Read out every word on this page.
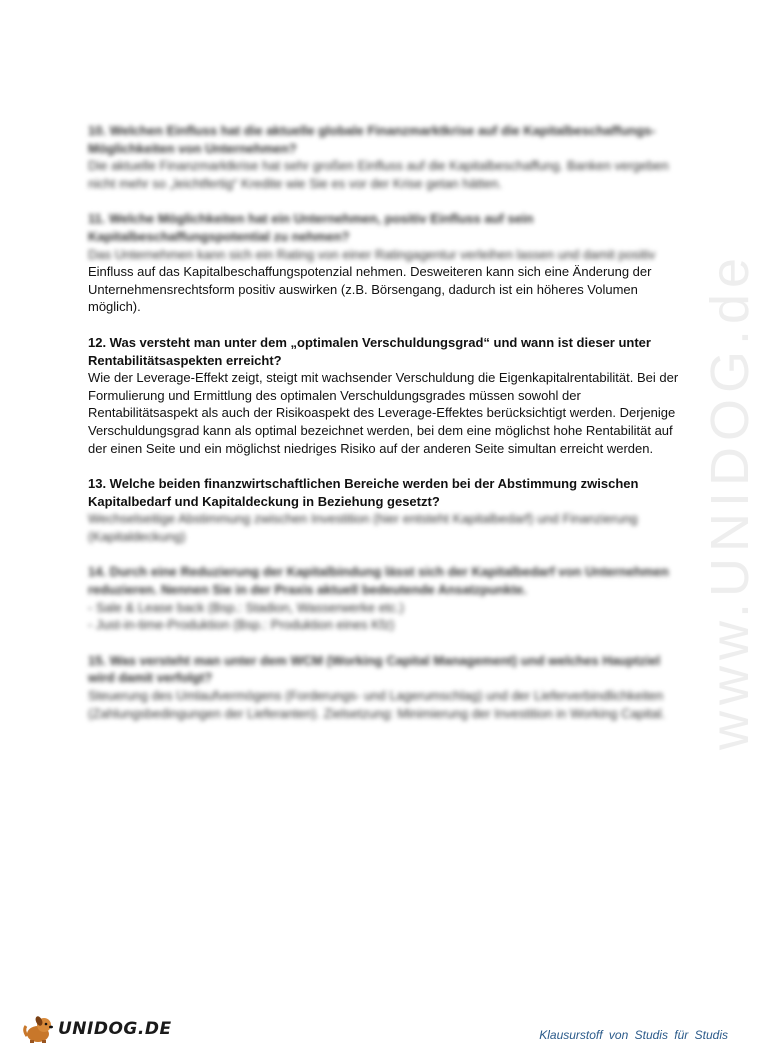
www.UNIDOG.de

10. Welchen Einfluss hat die aktuelle globale Finanzmarktkrise auf die Kapitalbeschaffungs-Möglichkeiten von Unternehmen?

Die aktuelle Finanzmarktkrise hat sehr großen Einfluss auf die Kapitalbeschaffung. Banken vergeben nicht mehr so „leichtfertig“ Kredite wie Sie es vor der Krise getan hätten.

11. Welche Möglichkeiten hat ein Unternehmen, positiv Einfluss auf sein Kapitalbeschaffungspotential zu nehmen?

Das Unternehmen kann sich ein Rating von einer Ratingagentur verleihen lassen und damit positiv
Einfluss auf das Kapitalbeschaffungspotenzial nehmen. Desweiteren kann sich eine Änderung der Unternehmensrechtsform positiv auswirken (z.B. Börsengang, dadurch ist ein höheres Volumen möglich).

12. Was versteht man unter dem „optimalen Verschuldungsgrad“ und wann ist dieser unter Rentabilitätsaspekten erreicht?

Wie der Leverage-Effekt zeigt, steigt mit wachsender Verschuldung die Eigenkapitalrentabilität. Bei der Formulierung und Ermittlung des optimalen Verschuldungsgrades müssen sowohl der Rentabilitätsaspekt als auch der Risikoaspekt des Leverage-Effektes berücksichtigt werden. Derjenige Verschuldungsgrad kann als optimal bezeichnet werden, bei dem eine möglichst hohe Rentabilität auf der einen Seite und ein möglichst niedriges Risiko auf der anderen Seite simultan erreicht werden.

13. Welche beiden finanzwirtschaftlichen Bereiche werden bei der Abstimmung zwischen Kapitalbedarf und Kapitaldeckung in Beziehung gesetzt?

Wechselseitige Abstimmung zwischen Investition (hier entsteht Kapitalbedarf) und Finanzierung (Kapitaldeckung)

14. Durch eine Reduzierung der Kapitalbindung lässt sich der Kapitalbedarf von Unternehmen reduzieren. Nennen Sie in der Praxis aktuell bedeutende Ansatzpunkte.

- Sale & Lease back (Bsp.: Stadion, Wasserwerke etc.)
- Just-in-time-Produktion (Bsp.: Produktion eines Kfz)

15. Was versteht man unter dem WCM (Working Capital Management) und welches Hauptziel wird damit verfolgt?

Steuerung des Umlaufvermögens (Forderungs- und Lagerumschlag) und der Lieferverbindlichkeiten (Zahlungsbedingungen der Lieferanten). Zielsetzung: Minimierung der Investition in Working Capital.

UNIDOG.DE	Klausurstoff von Studis für Studis
